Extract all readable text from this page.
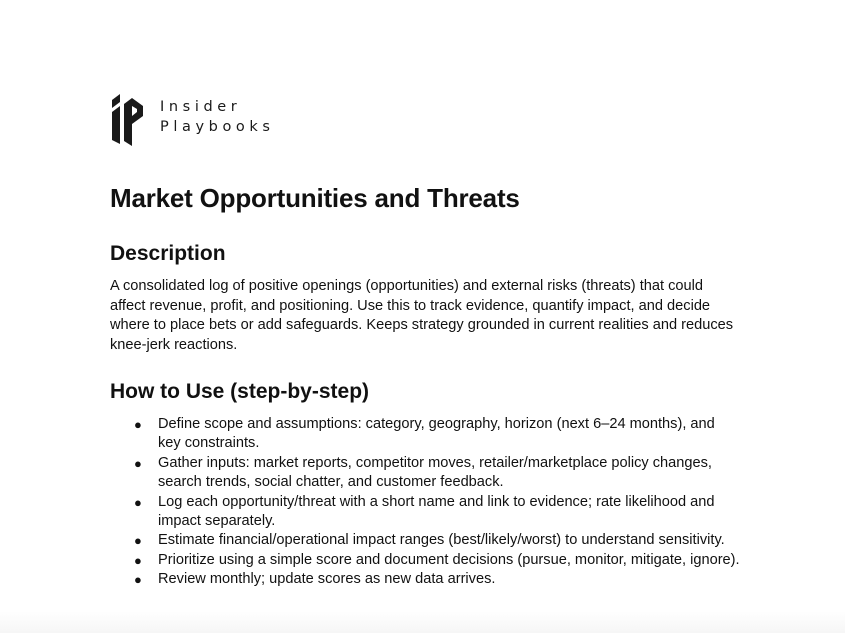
Insider
Playbooks
Market Opportunities and Threats
Description

A consolidated log of positive openings (opportunities) and external risks (threats) that could affect revenue, profit, and positioning. Use this to track evidence, quantify impact, and decide where to place bets or add safeguards. Keeps strategy grounded in current realities and reduces knee-jerk reactions.

How to Use (step-by-step)
● Define scope and assumptions: category, geography, horizon (next 6–24 months), and key constraints.
● Gather inputs: market reports, competitor moves, retailer/marketplace policy changes, search trends, social chatter, and customer feedback.
● Log each opportunity/threat with a short name and link to evidence; rate likelihood and impact separately.
● Estimate financial/operational impact ranges (best/likely/worst) to understand sensitivity.
● Prioritize using a simple score and document decisions (pursue, monitor, mitigate, ignore).
● Review monthly; update scores as new data arrives.
